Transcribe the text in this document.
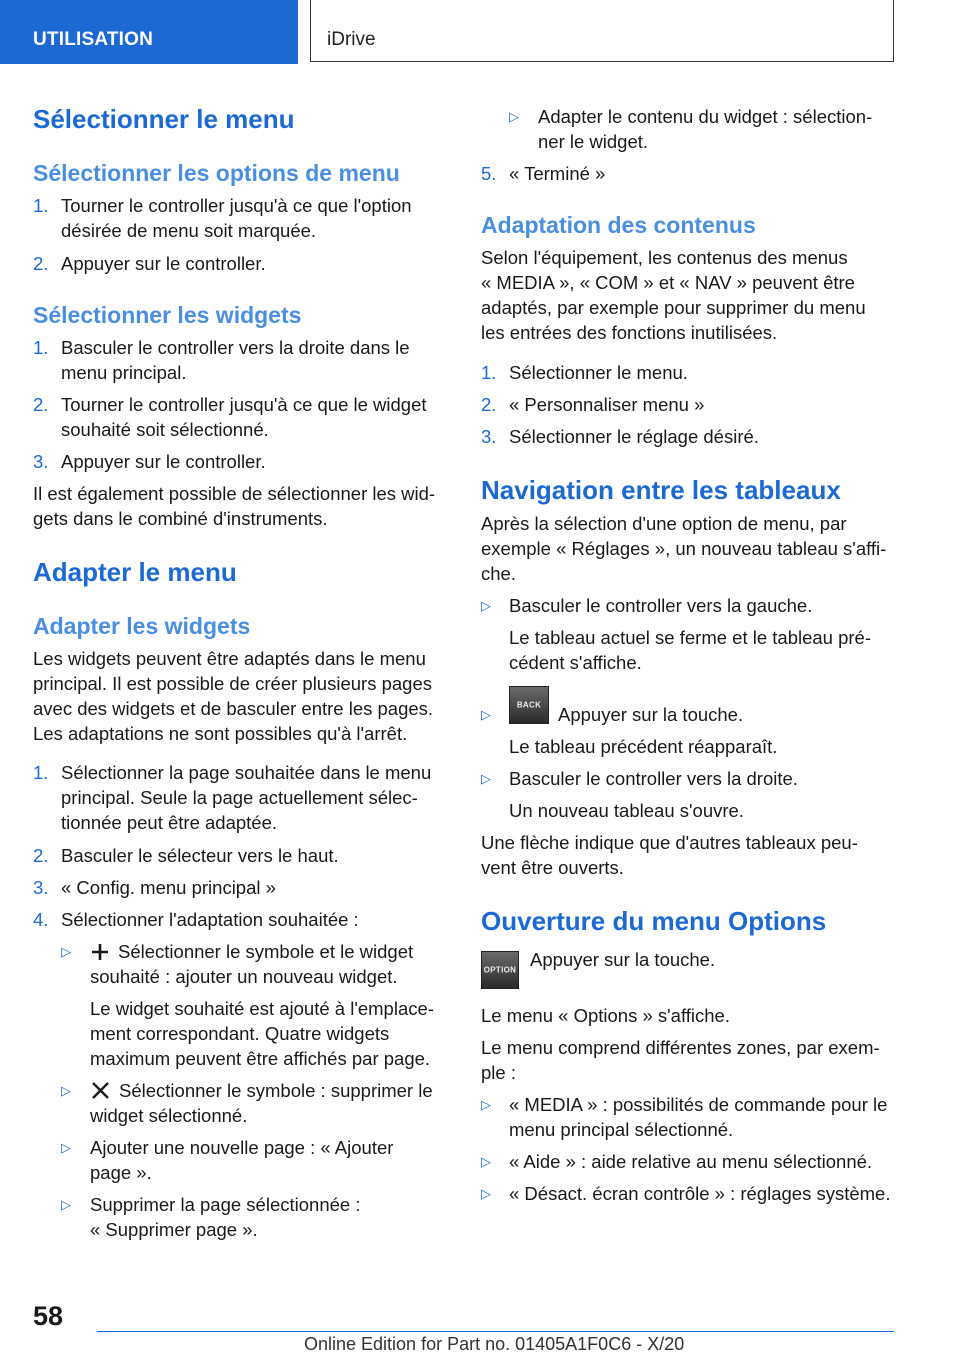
UTILISATION	iDrive
Sélectionner le menu
Sélectionner les options de menu
1. Tourner le controller jusqu'à ce que l'option
désirée de menu soit marquée.
2. Appuyer sur le controller.
Sélectionner les widgets
1. Basculer le controller vers la droite dans le
menu principal.
2. Tourner le controller jusqu'à ce que le widget
souhaité soit sélectionné.
3. Appuyer sur le controller.

Il est également possible de sélectionner les wid-

gets dans le combiné d'instruments.

Adapter le menu
Adapter les widgets

Les widgets peuvent être adaptés dans le menu

principal. Il est possible de créer plusieurs pages

avec des widgets et de basculer entre les pages.

Les adaptations ne sont possibles qu'à l'arrêt.

1. Sélectionner la page souhaitée dans le menu
principal. Seule la page actuellement sélec-
tionnée peut être adaptée.
2. Basculer le sélecteur vers le haut.
3. « Config. menu principal »
4. Sélectionner l'adaptation souhaitée :
▷	Sélectionner le symbole et le widget
souhaité : ajouter un nouveau widget.

Le widget souhaité est ajouté à l'emplace-

ment correspondant. Quatre widgets

maximum peuvent être affichés par page.

▷	Sélectionner le symbole : supprimer le
widget sélectionné.
▷ Ajouter une nouvelle page : « Ajouter
page ».
▷ Supprimer la page sélectionnée :
« Supprimer page ».
▷ Adapter le contenu du widget : sélection-
ner le widget.
5. « Terminé »
Adaptation des contenus

Selon l'équipement, les contenus des menus

« MEDIA », « COM » et « NAV » peuvent être

adaptés, par exemple pour supprimer du menu

les entrées des fonctions inutilisées.

1. Sélectionner le menu.
2. « Personnaliser menu »
3. Sélectionner le réglage désiré.
Navigation entre les tableaux

Après la sélection d'une option de menu, par

exemple « Réglages », un nouveau tableau s'affi-

che.

▷ Basculer le controller vers la gauche.

Le tableau actuel se ferme et le tableau pré-

cédent s'affiche.

▷
BACK Appuyer sur la touche.

Le tableau précédent réapparaît.

▷ Basculer le controller vers la droite.

Un nouveau tableau s'ouvre.

Une flèche indique que d'autres tableaux peu-

vent être ouverts.

Ouverture du menu Options
OPTION Appuyer sur la touche.

Le menu « Options » s'affiche.

Le menu comprend différentes zones, par exem-

ple :

▷ « MEDIA » : possibilités de commande pour le
menu principal sélectionné.
▷ « Aide » : aide relative au menu sélectionné.
▷ « Désact. écran contrôle » : réglages système.
58
Online Edition for Part no. 01405A1F0C6 - X/20
